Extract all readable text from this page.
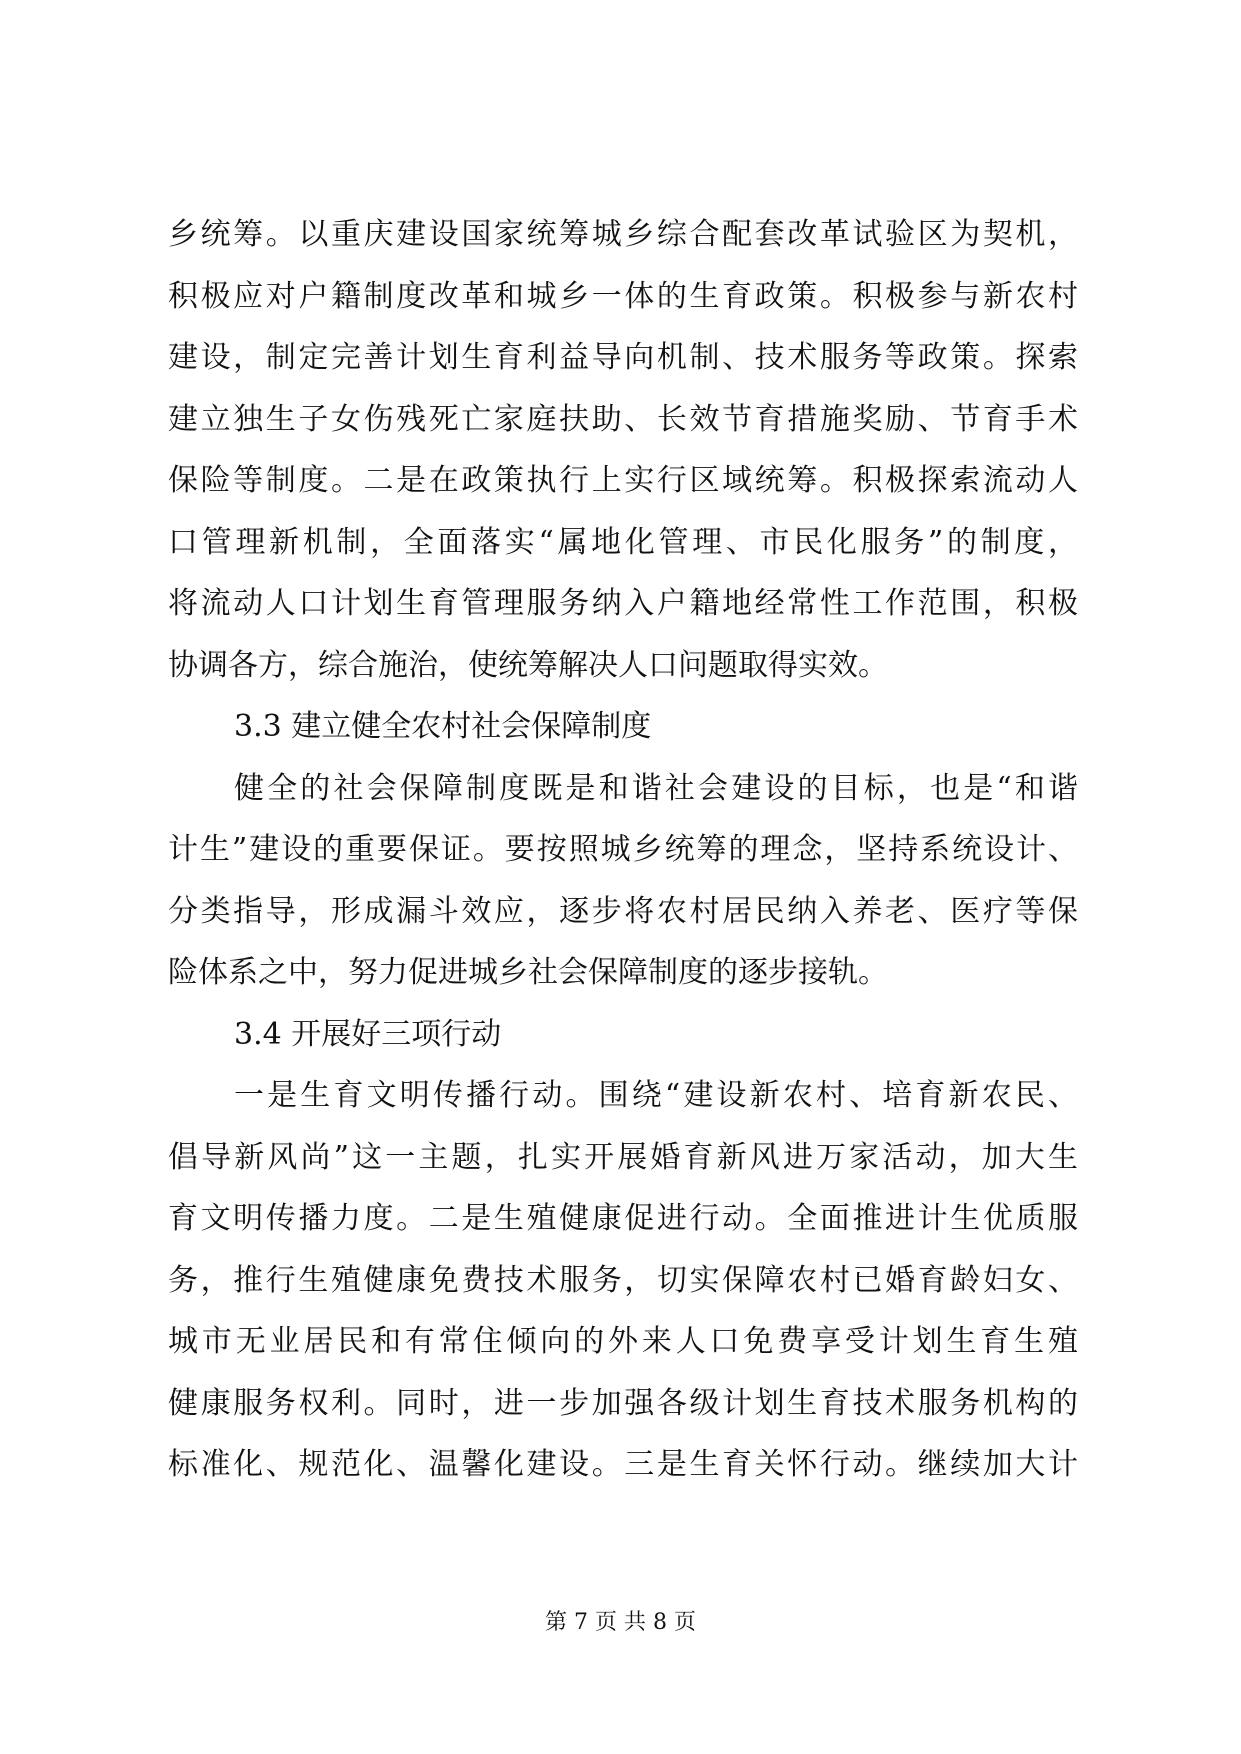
乡统筹。以重庆建设国家统筹城乡综合配套改革试验区为契机，
积极应对户籍制度改革和城乡一体的生育政策。积极参与新农村
建设，制定完善计划生育利益导向机制、技术服务等政策。探索
建立独生子女伤残死亡家庭扶助、长效节育措施奖励、节育手术
保险等制度。二是在政策执行上实行区域统筹。积极探索流动人
口管理新机制，全面落实“属地化管理、市民化服务”的制度，
将流动人口计划生育管理服务纳入户籍地经常性工作范围，积极
协调各方，综合施治，使统筹解决人口问题取得实效。
3.3 建立健全农村社会保障制度
健全的社会保障制度既是和谐社会建设的目标，也是“和谐
计生”建设的重要保证。要按照城乡统筹的理念，坚持系统设计、
分类指导，形成漏斗效应，逐步将农村居民纳入养老、医疗等保
险体系之中，努力促进城乡社会保障制度的逐步接轨。
3.4 开展好三项行动
一是生育文明传播行动。围绕“建设新农村、培育新农民、
倡导新风尚”这一主题，扎实开展婚育新风进万家活动，加大生
育文明传播力度。二是生殖健康促进行动。全面推进计生优质服
务，推行生殖健康免费技术服务，切实保障农村已婚育龄妇女、
城市无业居民和有常住倾向的外来人口免费享受计划生育生殖
健康服务权利。同时，进一步加强各级计划生育技术服务机构的
标准化、规范化、温馨化建设。三是生育关怀行动。继续加大计
第 7 页 共 8 页
